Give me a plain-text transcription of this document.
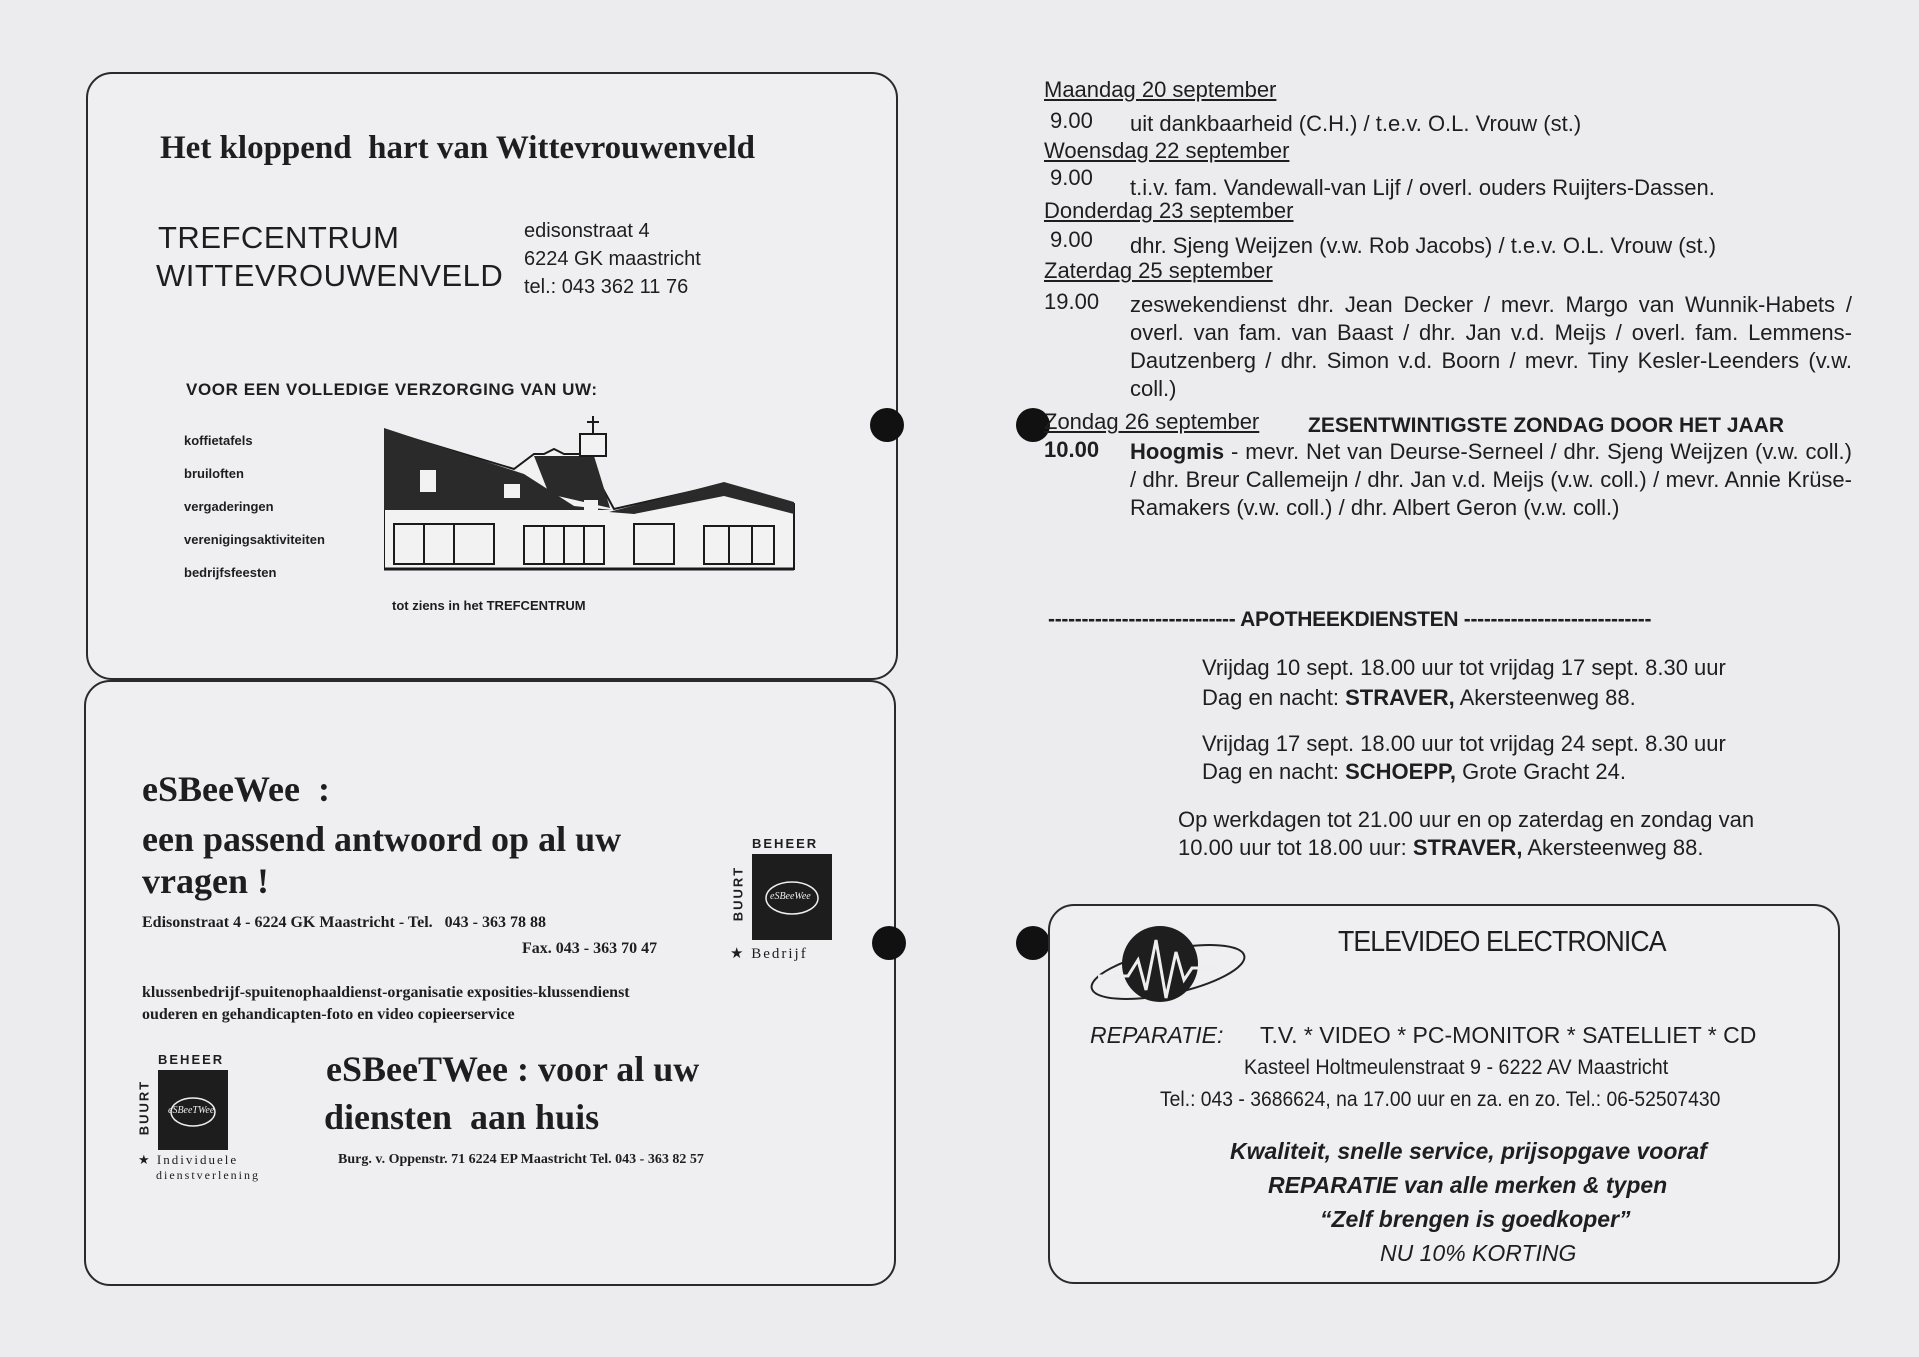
Het kloppend  hart van Wittevrouwenveld
TREFCENTRUM
WITTEVROUWENVELD
edisonstraat 4
6224 GK maastricht
tel.: 043 362 11 76
VOOR EEN VOLLEDIGE VERZORGING VAN UW:
koffietafels
bruiloften
vergaderingen
verenigingsaktiviteiten
bedrijfsfeesten
tot ziens in het TREFCENTRUM
eSBeeWee  :
een passend antwoord op al uw
vragen !
Edisonstraat 4 - 6224 GK Maastricht - Tel.   043 - 363 78 88
Fax. 043 - 363 70 47
klussenbedrijf-spuitenophaaldienst-organisatie exposities-klussendienst
ouderen en gehandicapten-foto en video copieerservice
BEHEER
BUURT eSBeeWee
★ Bedrijf
BEHEER
BUURT eSBeeTWee
★ Individuele
dienstverlening
eSBeeTWee : voor al uw
diensten  aan huis
Burg. v. Oppenstr. 71 6224 EP Maastricht Tel. 043 - 363 82 57
Maandag 20 september
9.00 uit dankbaarheid (C.H.) / t.e.v. O.L. Vrouw (st.)
Woensdag 22 september
9.00 t.i.v. fam. Vandewall-van Lijf / overl. ouders Ruijters-Dassen.
Donderdag 23 september
9.00 dhr. Sjeng Weijzen (v.w. Rob Jacobs) / t.e.v. O.L. Vrouw (st.)
Zaterdag 25 september
19.00 zeswekendienst dhr. Jean Decker / mevr. Margo van Wunnik-Habets / overl. van fam. van Baast / dhr. Jan v.d. Meijs / overl. fam. Lemmens-Dautzenberg / dhr. Simon v.d. Boorn / mevr. Tiny Kesler-Leenders (v.w. coll.)
Zondag 26 september ZESENTWINTIGSTE ZONDAG DOOR HET JAAR
10.00 Hoogmis - mevr. Net van Deurse-Serneel / dhr. Sjeng Weijzen (v.w. coll.) / dhr. Breur Callemeijn / dhr. Jan v.d. Meijs (v.w. coll.) / mevr. Annie Krüse-Ramakers (v.w. coll.) / dhr. Albert Geron (v.w. coll.)
---------------------------- APOTHEEKDIENSTEN ----------------------------
Vrijdag 10 sept. 18.00 uur tot vrijdag 17 sept. 8.30 uur
Dag en nacht: STRAVER, Akersteenweg 88.
Vrijdag 17 sept. 18.00 uur tot vrijdag 24 sept. 8.30 uur
Dag en nacht: SCHOEPP, Grote Gracht 24.
Op werkdagen tot 21.00 uur en op zaterdag en zondag van
10.00 uur tot 18.00 uur: STRAVER, Akersteenweg 88.
TELEVIDEO ELECTRONICA
REPARATIE: T.V. * VIDEO * PC-MONITOR * SATELLIET * CD
Kasteel Holtmeulenstraat 9 - 6222 AV Maastricht
Tel.: 043 - 3686624, na 17.00 uur en za. en zo. Tel.: 06-52507430
Kwaliteit, snelle service, prijsopgave vooraf
REPARATIE van alle merken & typen
“Zelf brengen is goedkoper”
NU 10% KORTING
